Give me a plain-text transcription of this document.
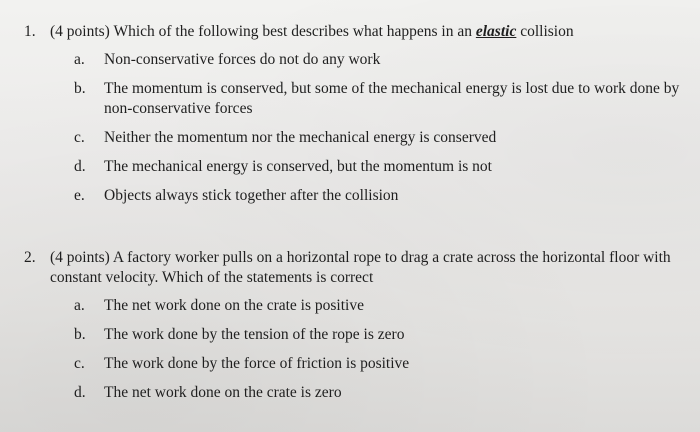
1. (4 points) Which of the following best describes what happens in an elastic collision
a. Non-conservative forces do not do any work
b. The momentum is conserved, but some of the mechanical energy is lost due to work done by non-conservative forces
c. Neither the momentum nor the mechanical energy is conserved
d. The mechanical energy is conserved, but the momentum is not
e. Objects always stick together after the collision
2. (4 points) A factory worker pulls on a horizontal rope to drag a crate across the horizontal floor with constant velocity. Which of the statements is correct
a. The net work done on the crate is positive
b. The work done by the tension of the rope is zero
c. The work done by the force of friction is positive
d. The net work done on the crate is zero
